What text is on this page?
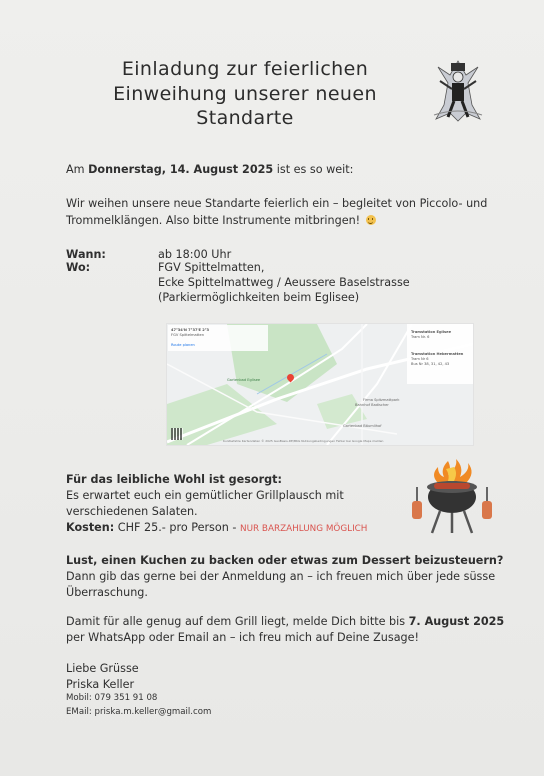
Einladung zur feierlichen
Einweihung unserer neuen
Standarte
Am Donnerstag, 14. August 2025 ist es so weit:
Wir weihen unsere neue Standarte feierlich ein – begleitet von Piccolo- und
Trommelklängen. Also bitte Instrumente mitbringen!
Wann:	ab 18:00 Uhr
Wo:	FGV Spittelmatten,
Ecke Spittelmattweg / Aeussere Baselstrasse
(Parkiermöglichkeiten beim Eglisee)
47°34'N 7°37'E 2°3
FGV Spittelmatten
Route planen
Tramstation Eglisee
Tram Nr. 6
Tramstation Hebermatten
Tram Nr 6
Bus Nr 38, 31, 42, 43
Gartenbad Eglisee
Firma Spitzmattpark
Bahnhof Badischer
Gartenbad Bäumlihof
Kurzbefehle Kartendaten © 2025 GeoBasis-DE/BKG Nutzungsbedingungen Fehler bei Google Maps melden
Für das leibliche Wohl ist gesorgt:
Es erwartet euch ein gemütlicher Grillplausch mit
verschiedenen Salaten.
Kosten: CHF 25.- pro Person - NUR BARZAHLUNG MÖGLICH
Lust, einen Kuchen zu backen oder etwas zum Dessert beizusteuern?
Dann gib das gerne bei der Anmeldung an – ich freuen mich über jede süsse
Überraschung.
Damit für alle genug auf dem Grill liegt, melde Dich bitte bis 7. August 2025
per WhatsApp oder Email an – ich freu mich auf Deine Zusage!
Liebe Grüsse
Priska Keller
Mobil: 079 351 91 08
EMail: priska.m.keller@gmail.com
